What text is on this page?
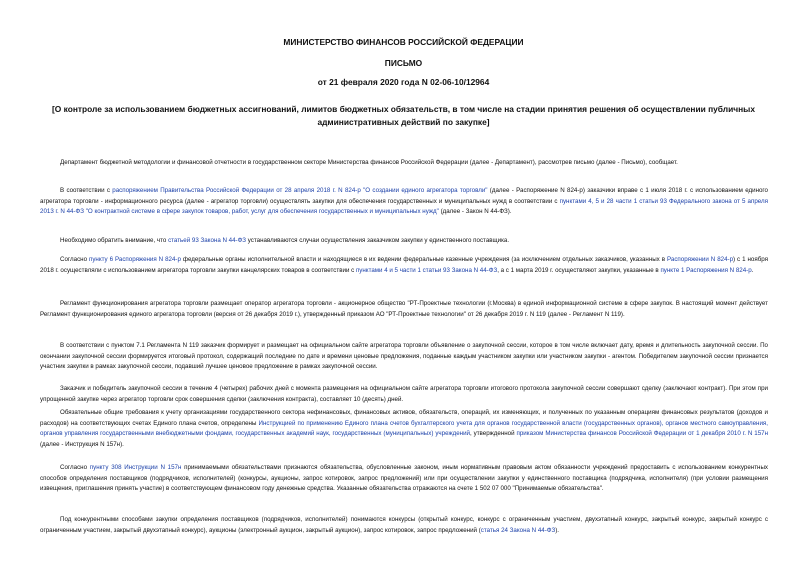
МИНИСТЕРСТВО ФИНАНСОВ РОССИЙСКОЙ ФЕДЕРАЦИИ
ПИСЬМО
от 21 февраля 2020 года N 02-06-10/12964
[О контроле за использованием бюджетных ассигнований, лимитов бюджетных обязательств, в том числе на стадии принятия решения об осуществлении публичных административных действий по закупке]
Департамент бюджетной методологии и финансовой отчетности в государственном секторе Министерства финансов Российской Федерации (далее - Департамент), рассмотрев письмо (далее - Письмо), сообщает.
В соответствии с распоряжением Правительства Российской Федерации от 28 апреля 2018 г. N 824-р "О создании единого агрегатора торговли" (далее - Распоряжение N 824-р) заказчики вправе с 1 июля 2018 г. с использованием единого агрегатора торговли - информационного ресурса (далее - агрегатор торговли) осуществлять закупки для обеспечения государственных и муниципальных нужд в соответствии с пунктами 4, 5 и 28 части 1 статьи 93 Федерального закона от 5 апреля 2013 г. N 44-ФЗ "О контрактной системе в сфере закупок товаров, работ, услуг для обеспечения государственных и муниципальных нужд" (далее - Закон N 44-ФЗ).
Необходимо обратить внимание, что статьей 93 Закона N 44-ФЗ устанавливаются случаи осуществления заказчиком закупки у единственного поставщика.
Согласно пункту 6 Распоряжения N 824-р федеральные органы исполнительной власти и находящиеся в их ведении федеральные казенные учреждения (за исключением отдельных заказчиков, указанных в Распоряжении N 824-р) с 1 ноября 2018 г. осуществляли с использованием агрегатора торговли закупки канцелярских товаров в соответствии с пунктами 4 и 5 части 1 статьи 93 Закона N 44-ФЗ, а с 1 марта 2019 г. осуществляют закупки, указанные в пункте 1 Распоряжения N 824-р.
Регламент функционирования агрегатора торговли размещает оператор агрегатора торговли - акционерное общество "РТ-Проектные технологии (г.Москва) в единой информационной системе в сфере закупок. В настоящий момент действует Регламент функционирования единого агрегатора торговли (версия от 26 декабря 2019 г.), утвержденный приказом АО "РТ-Проектные технологии" от 26 декабря 2019 г. N 119 (далее - Регламент N 119).
В соответствии с пунктом 7.1 Регламента N 119 заказчик формирует и размещает на официальном сайте агрегатора торговли объявление о закупочной сессии, которое в том числе включает дату, время и длительность закупочной сессии. По окончании закупочной сессии формируется итоговый протокол, содержащий последние по дате и времени ценовые предложения, поданные каждым участником закупки или участником закупки - агентом. Победителем закупочной сессии признается участник закупки в рамках закупочной сессии, подавший лучшее ценовое предложение в рамках закупочной сессии.
Заказчик и победитель закупочной сессии в течение 4 (четырех) рабочих дней с момента размещения на официальном сайте агрегатора торговли итогового протокола закупочной сессии совершают сделку (заключают контракт). При этом при упрощенной закупке через агрегатор торговли срок совершения сделки (заключения контракта), составляет 10 (десять) дней.
Обязательные общие требования к учету организациями государственного сектора нефинансовых, финансовых активов, обязательств, операций, их изменяющих, и полученных по указанным операциям финансовых результатов (доходов и расходов) на соответствующих счетах Единого плана счетов, определены Инструкцией по применению Единого плана счетов бухгалтерского учета для органов государственной власти (государственных органов), органов местного самоуправления, органов управления государственными внебюджетными фондами, государственных академий наук, государственных (муниципальных) учреждений, утвержденной приказом Министерства финансов Российской Федерации от 1 декабря 2010 г. N 157н (далее - Инструкция N 157н).
Согласно пункту 308 Инструкции N 157н принимаемыми обязательствами признаются обязательства, обусловленные законом, иным нормативным правовым актом обязанности учреждений предоставить с использованием конкурентных способов определения поставщиков (подрядчиков, исполнителей) (конкурсы, аукционы, запрос котировок, запрос предложений) или при осуществлении закупки у единственного поставщика (подрядчика, исполнителя) (при условии размещения извещения, приглашения принять участие) в соответствующем финансовом году денежные средства. Указанные обязательства отражаются на счете 1 502 07 000 "Принимаемые обязательства".
Под конкурентными способами закупки определения поставщиков (подрядчиков, исполнителей) понимаются конкурсы (открытый конкурс, конкурс с ограниченным участием, двухэтапный конкурс, закрытый конкурс, закрытый конкурс с ограниченным участием, закрытый двухэтапный конкурс), аукционы (электронный аукцион, закрытый аукцион), запрос котировок, запрос предложений (статья 24 Закона N 44-ФЗ).
